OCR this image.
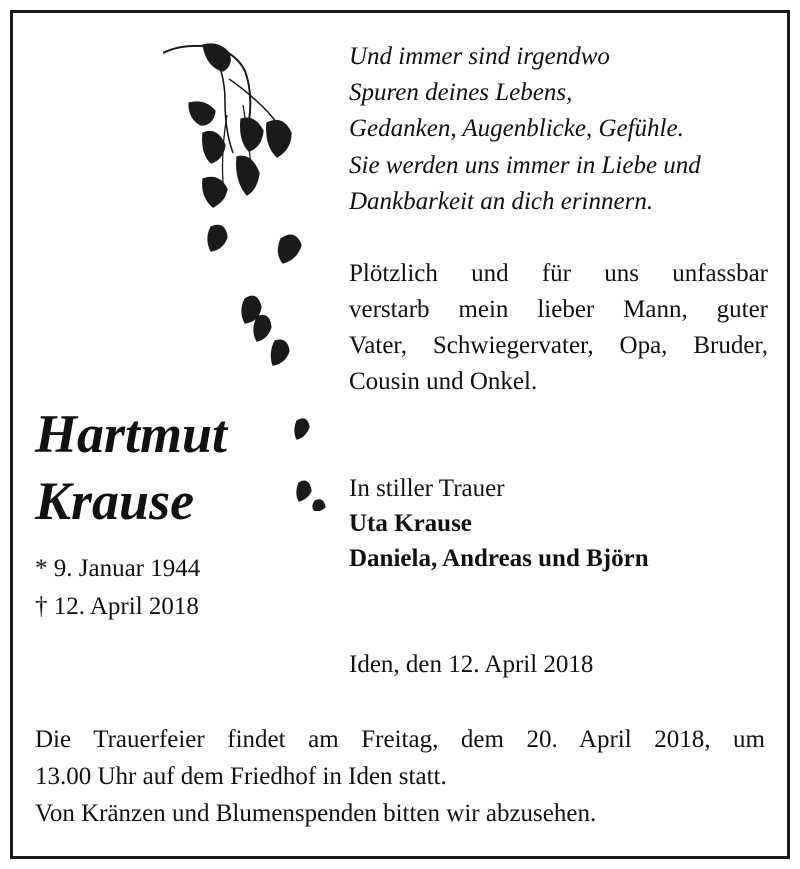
Und immer sind irgendwo
Spuren deines Lebens,
Gedanken, Augenblicke, Gefühle.
Sie werden uns immer in Liebe und
Dankbarkeit an dich erinnern.
Plötzlich und für uns unfassbar
verstarb mein lieber Mann, guter
Vater, Schwiegervater, Opa, Bruder,
Cousin und Onkel.
Hartmut
Krause
* 9. Januar 1944
† 12. April 2018
In stiller Trauer
Uta Krause
Daniela, Andreas und Björn
Iden, den 12. April 2018
Die Trauerfeier findet am Freitag, dem 20. April 2018, um
13.00 Uhr auf dem Friedhof in Iden statt.
Von Kränzen und Blumenspenden bitten wir abzusehen.
